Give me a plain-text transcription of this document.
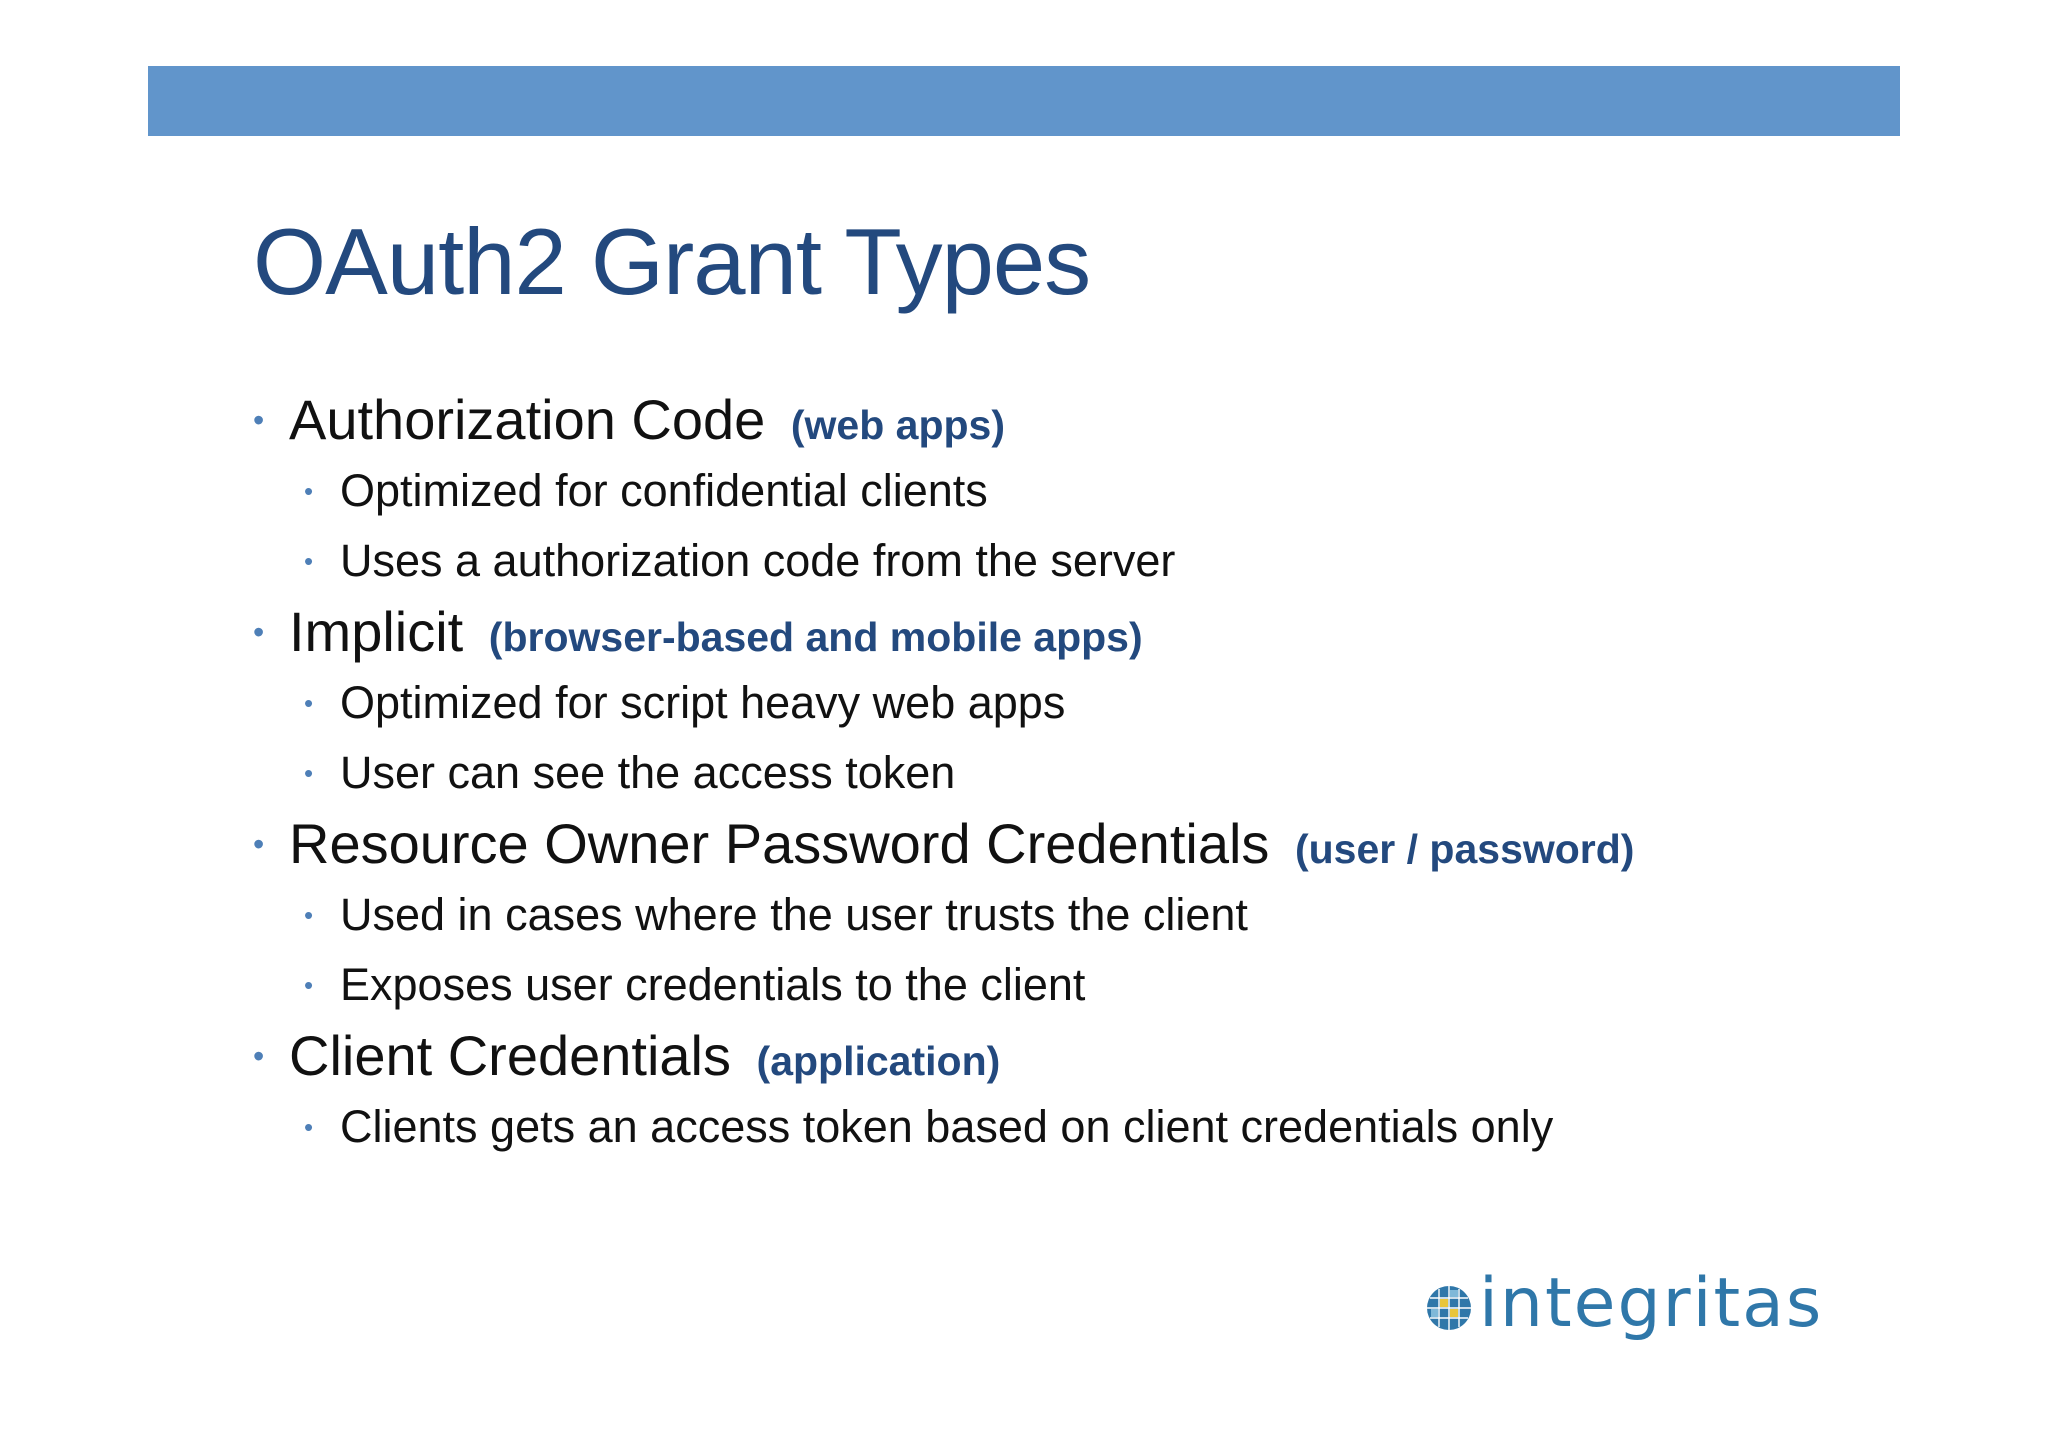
OAuth2 Grant Types
• Authorization Code (web apps)
• Optimized for confidential clients
• Uses a authorization code from the server
• Implicit (browser-based and mobile apps)
• Optimized for script heavy web apps
• User can see the access token
• Resource Owner Password Credentials (user / password)
• Used in cases where the user trusts the client
• Exposes user credentials to the client
• Client Credentials (application)
• Clients gets an access token based on client credentials only
integritas
